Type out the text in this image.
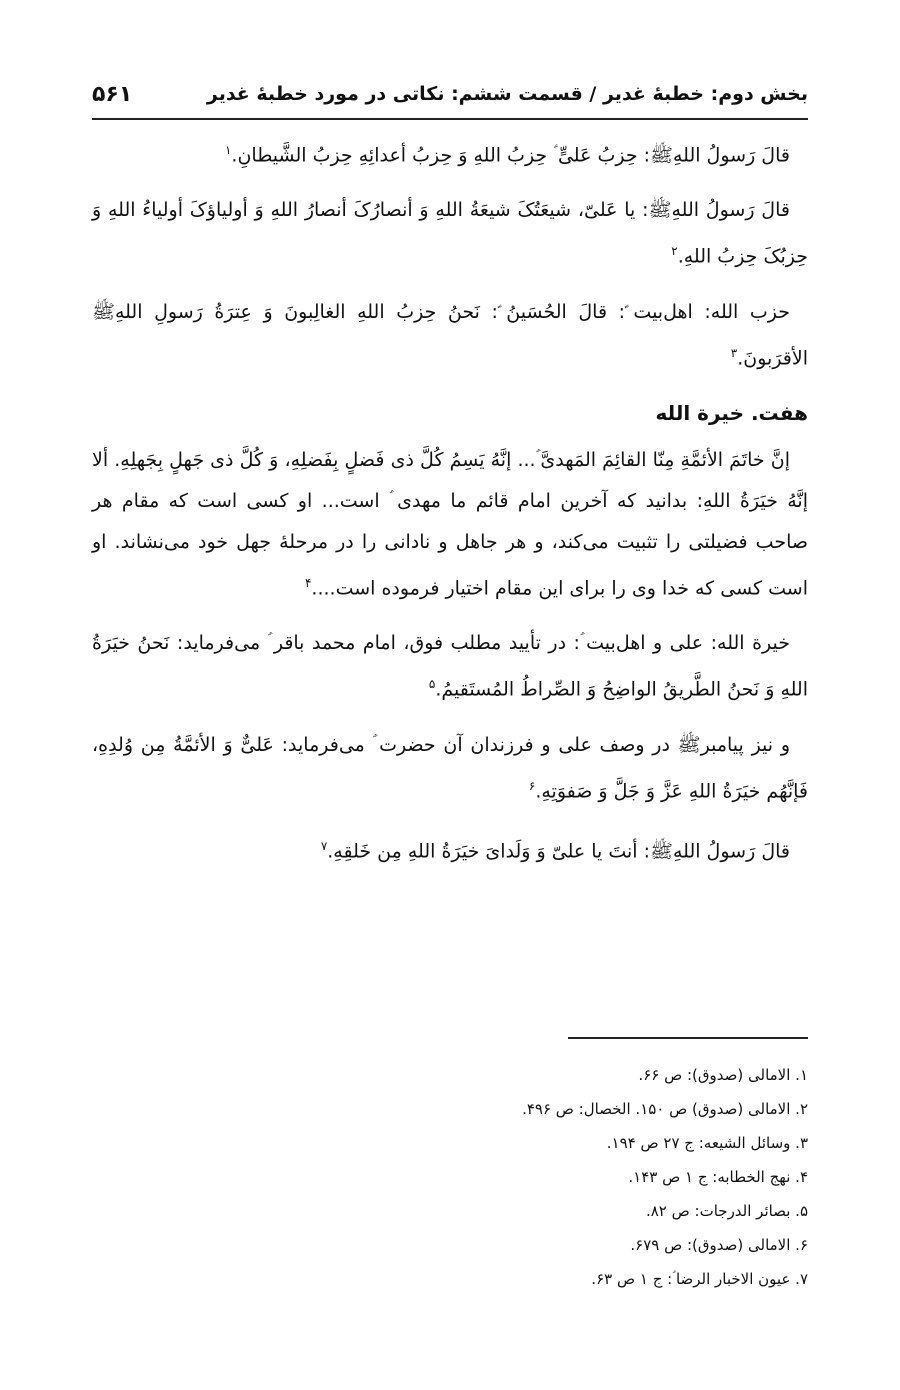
بخش دوم: خطبهٔ غدیر / قسمت ششم: نکاتی در مورد خطبهٔ غدیر
۵۶۱

قالَ رَسولُ اللهِﷺ: حِزبُ عَلیٍّ ؑ حِزبُ اللهِ وَ حِزبُ أعدائِهِ حِزبُ الشَّیطانِ.$^۱$

قالَ رَسولُ اللهِﷺ: یا عَلیّ، شیعَتُکَ شیعَةُ اللهِ وَ أنصارُکَ أنصارُ اللهِ وَ أولیاؤکَ أولیاءُ اللهِ وَ حِزبُکَ حِزبُ اللهِ.$^۲$

حزب الله: اهل‌بیت ؑ: قالَ الحُسَینُ ؑ: نَحنُ حِزبُ اللهِ الغالِبونَ وَ عِترَةُ رَسولِ اللهِﷺ الأقرَبونَ.$^۳$

هفت. خیرة الله

إنَّ خاتَمَ الأئمَّةِ مِنّا القائِمَ المَهدیَّ ؑ... إنَّهُ یَسِمُ کُلَّ ذی فَضلٍ بِفَضلِهِ، وَ کُلَّ ذی جَهلٍ بِجَهلِهِ. ألا إنَّهُ خیَرَةُ اللهِ: بدانید که آخرین امام قائم ما مهدی ؑ است... او کسی است که مقام هر صاحب فضیلتی را تثبیت می‌کند، و هر جاهل و نادانی را در مرحلهٔ جهل خود می‌نشاند. او است کسی که خدا وی را برای این مقام اختیار فرموده است....$^۴$

خیرة الله: علی و اهل‌بیت ؑ: در تأیید مطلب فوق، امام محمد باقر ؑ می‌فرماید: نَحنُ خیَرَةُ اللهِ وَ نَحنُ الطَّریقُ الواضِحُ وَ الصِّراطُ المُستَقیمُ.$^۵$

و نیز پیامبرﷺ در وصف علی و فرزندان آن حضرت ؑ می‌فرماید: عَلیٌّ وَ الأئمَّةُ مِن وُلدِهِ، فَإنَّهُم خیَرَةُ اللهِ عَزَّ وَ جَلَّ وَ صَفوَتِهِ.$^۶$

قالَ رَسولُ اللهِﷺ: أنتَ یا علیّ وَ وَلَدایَ خیَرَةُ اللهِ مِن خَلقِهِ.$^۷$

۱. الامالی (صدوق): ص ۶۶.
۲. الامالی (صدوق) ص ۱۵۰. الخصال: ص ۴۹۶.
۳. وسائل الشیعه: ج ۲۷ ص ۱۹۴.
۴. نهج الخطابه: ج ۱ ص ۱۴۳.
۵. بصائر الدرجات: ص ۸۲.
۶. الامالی (صدوق): ص ۶۷۹.
۷. عیون الاخبار الرضا ؑ: ج ۱ ص ۶۳.
